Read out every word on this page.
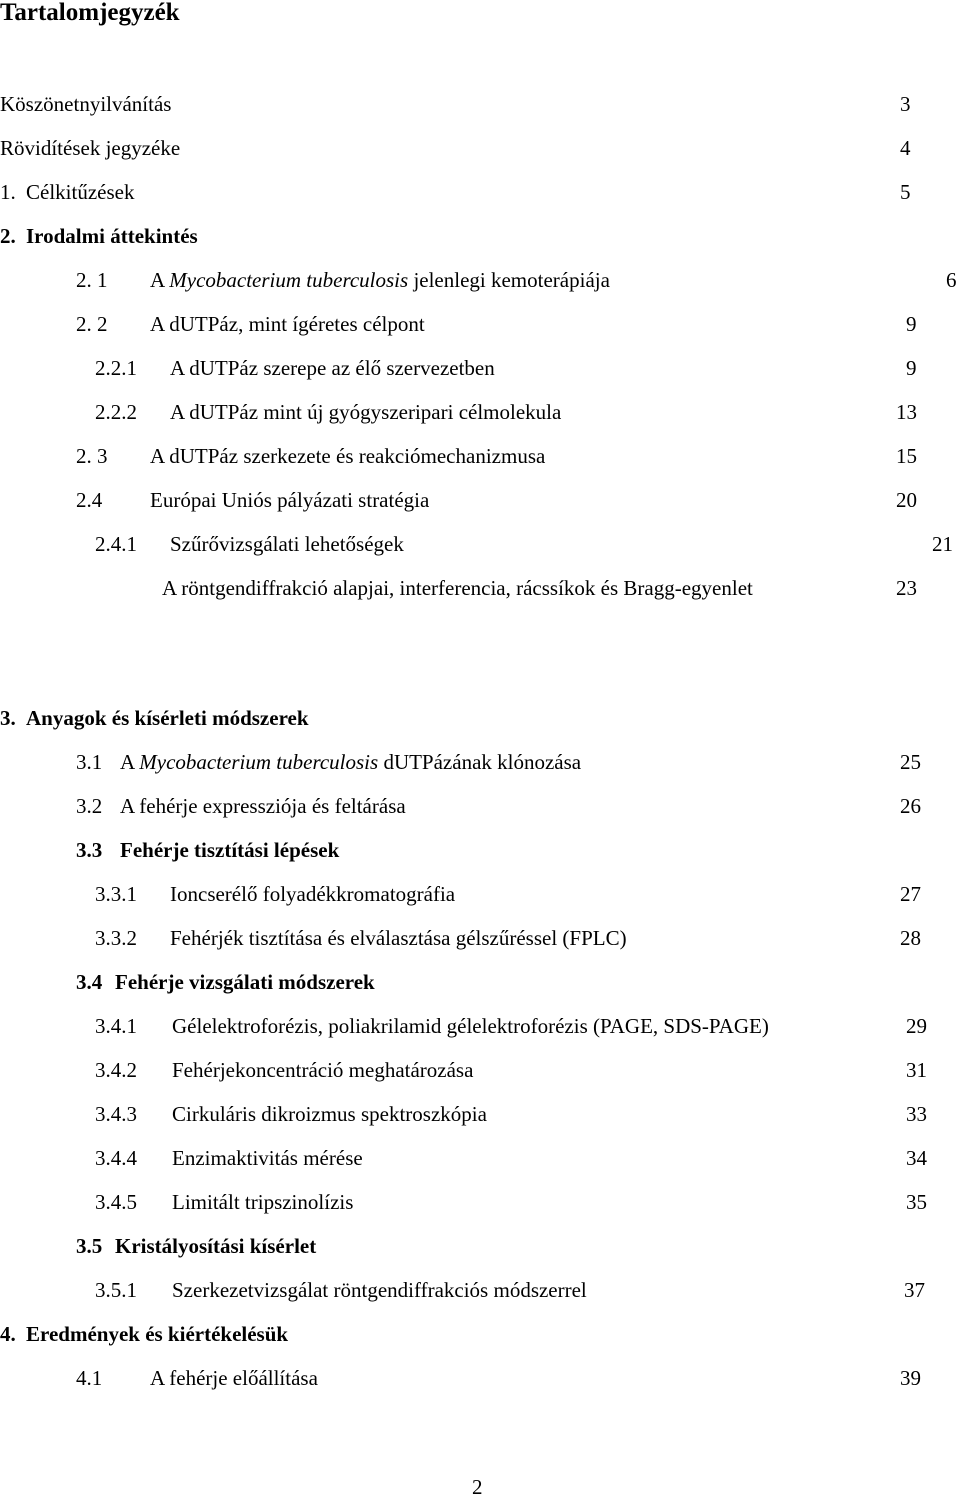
Tartalomjegyzék
Köszönetnyilvánítás	3
Rövidítések jegyzéke	4
1. Célkitűzések	5
2. Irodalmi áttekintés
2. 1 A Mycobacterium tuberculosis jelenlegi kemoterápiája	6
2. 2 A dUTPáz, mint ígéretes célpont	9
2.2.1 A dUTPáz szerepe az élő szervezetben	9
2.2.2 A dUTPáz mint új gyógyszeripari célmolekula	13
2. 3 A dUTPáz szerkezete és reakciómechanizmusa	15
2.4 Európai Uniós pályázati stratégia	20
2.4.1 Szűrővizsgálati lehetőségek	21
A röntgendiffrakció alapjai, interferencia, rácssíkok és Bragg-egyenlet	23
3. Anyagok és kísérleti módszerek
3.1 A Mycobacterium tuberculosis dUTPázának klónozása	25
3.2 A fehérje expressziója és feltárása	26
3.3 Fehérje tisztítási lépések
3.3.1 Ioncserélő folyadékkromatográfia	27
3.3.2 Fehérjék tisztítása és elválasztása gélszűréssel (FPLC)	28
3.4 Fehérje vizsgálati módszerek
3.4.1 Gélelektroforézis, poliakrilamid gélelektroforézis (PAGE, SDS-PAGE)	29
3.4.2 Fehérjekoncentráció meghatározása	31
3.4.3 Cirkuláris dikroizmus spektroszkópia	33
3.4.4 Enzimaktivitás mérése	34
3.4.5 Limitált tripszinolízis	35
3.5 Kristályosítási kísérlet
3.5.1 Szerkezetvizsgálat röntgendiffrakciós módszerrel	37
4. Eredmények és kiértékelésük
4.1 A fehérje előállítása	39
2
